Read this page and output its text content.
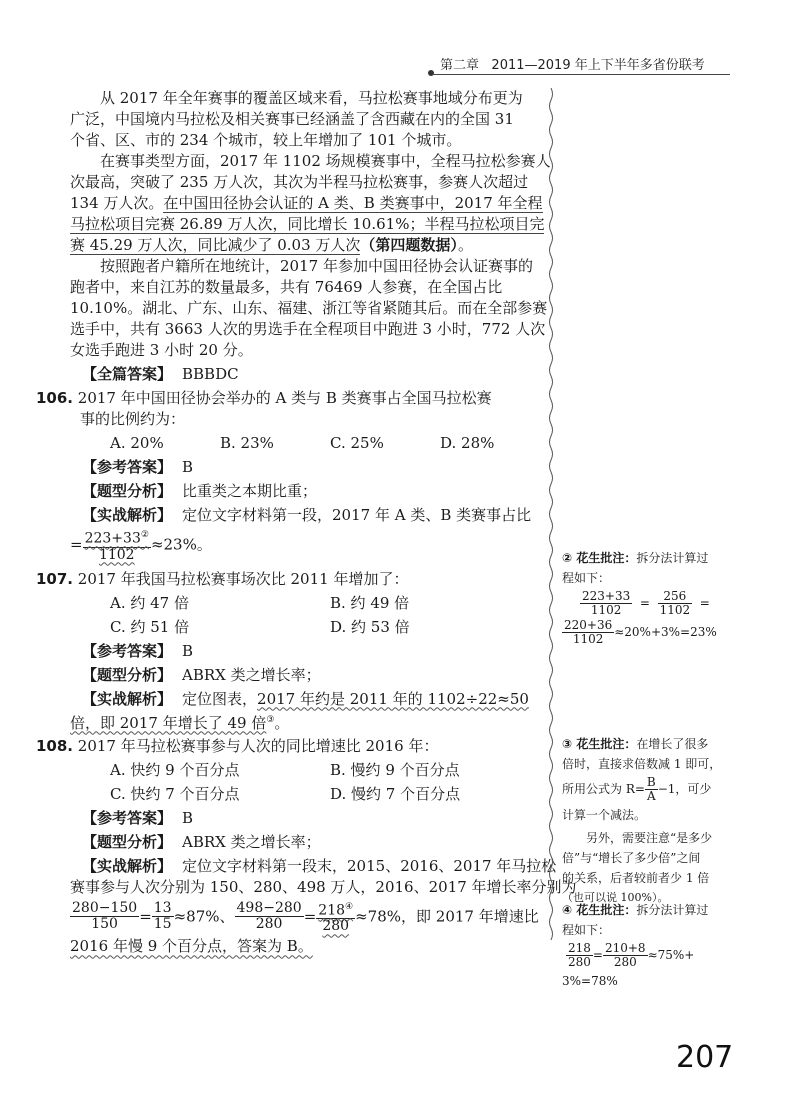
第二章 2011—2019 年上下半年多省份联考
从 2017 年全年赛事的覆盖区域来看，马拉松赛事地域分布更为
广泛，中国境内马拉松及相关赛事已经涵盖了含西藏在内的全国 31
个省、区、市的 234 个城市，较上年增加了 101 个城市。
在赛事类型方面，2017 年 1102 场规模赛事中，全程马拉松参赛人
次最高，突破了 235 万人次，其次为半程马拉松赛事，参赛人次超过
134 万人次。在中国田径协会认证的 A 类、B 类赛事中，2017 年全程
马拉松项目完赛 26.89 万人次，同比增长 10.61%；半程马拉松项目完
赛 45.29 万人次，同比减少了 0.03 万人次（第四题数据）。
按照跑者户籍所在地统计，2017 年参加中国田径协会认证赛事的
跑者中，来自江苏的数量最多，共有 76469 人参赛，在全国占比
10.10%。湖北、广东、山东、福建、浙江等省紧随其后。而在全部参赛
选手中，共有 3663 人次的男选手在全程项目中跑进 3 小时，772 人次
女选手跑进 3 小时 20 分。
【全篇答案】 BBBDC
106. 2017 年中国田径协会举办的 A 类与 B 类赛事占全国马拉松赛
事的比例约为：
A. 20%	B. 23%	C. 25%	D. 28%
【参考答案】 B
【题型分析】 比重类之本期比重；
【实战解析】 定位文字材料第一段，2017 年 A 类、B 类赛事占比
= $\frac{223+33^②}{1102} \approx 23\%$。
107. 2017 年我国马拉松赛事场次比 2011 年增加了：
A. 约 47 倍	B. 约 49 倍
C. 约 51 倍	D. 约 53 倍
【参考答案】 B
【题型分析】 ABRX 类之增长率；
【实战解析】 定位图表，2017 年约是 2011 年的 1102÷22≈50
倍，即 2017 年增长了 49 倍③。
108. 2017 年马拉松赛事参与人次的同比增速比 2016 年：
A. 快约 9 个百分点	B. 慢约 9 个百分点
C. 快约 7 个百分点	D. 慢约 7 个百分点
【参考答案】 B
【题型分析】 ABRX 类之增长率；
【实战解析】 定位文字材料第一段末，2015、2016、2017 年马拉松
赛事参与人次分别为 150、280、498 万人，2016、2017 年增长率分别为
$\frac{280-150}{150} = \frac{13}{15} \approx 87\%$、 $\frac{498-280}{280} = \frac{218^④}{280} \approx 78\%$，即 2017 年增速比
2016 年慢 9 个百分点，答案为 B。
② 花生批注：拆分法计算过
程如下：
$\frac{223+33}{1102} = \frac{256}{1102}$ =
$\frac{220+36}{1102} \approx 20\%+3\%=23\%$
③ 花生批注：在增长了很多
倍时，直接求倍数减 1 即可，
所用公式为 $R= \frac{B}{A} -1$，可少
计算一个减法。
另外，需要注意“是多少
倍”与“增长了多少倍”之间
的关系，后者较前者少 1 倍
（也可以说 100%）。
④ 花生批注：拆分法计算过
程如下：
$\frac{218}{280} = \frac{210+8}{280} \approx 75\%+$
3%=78%
207
